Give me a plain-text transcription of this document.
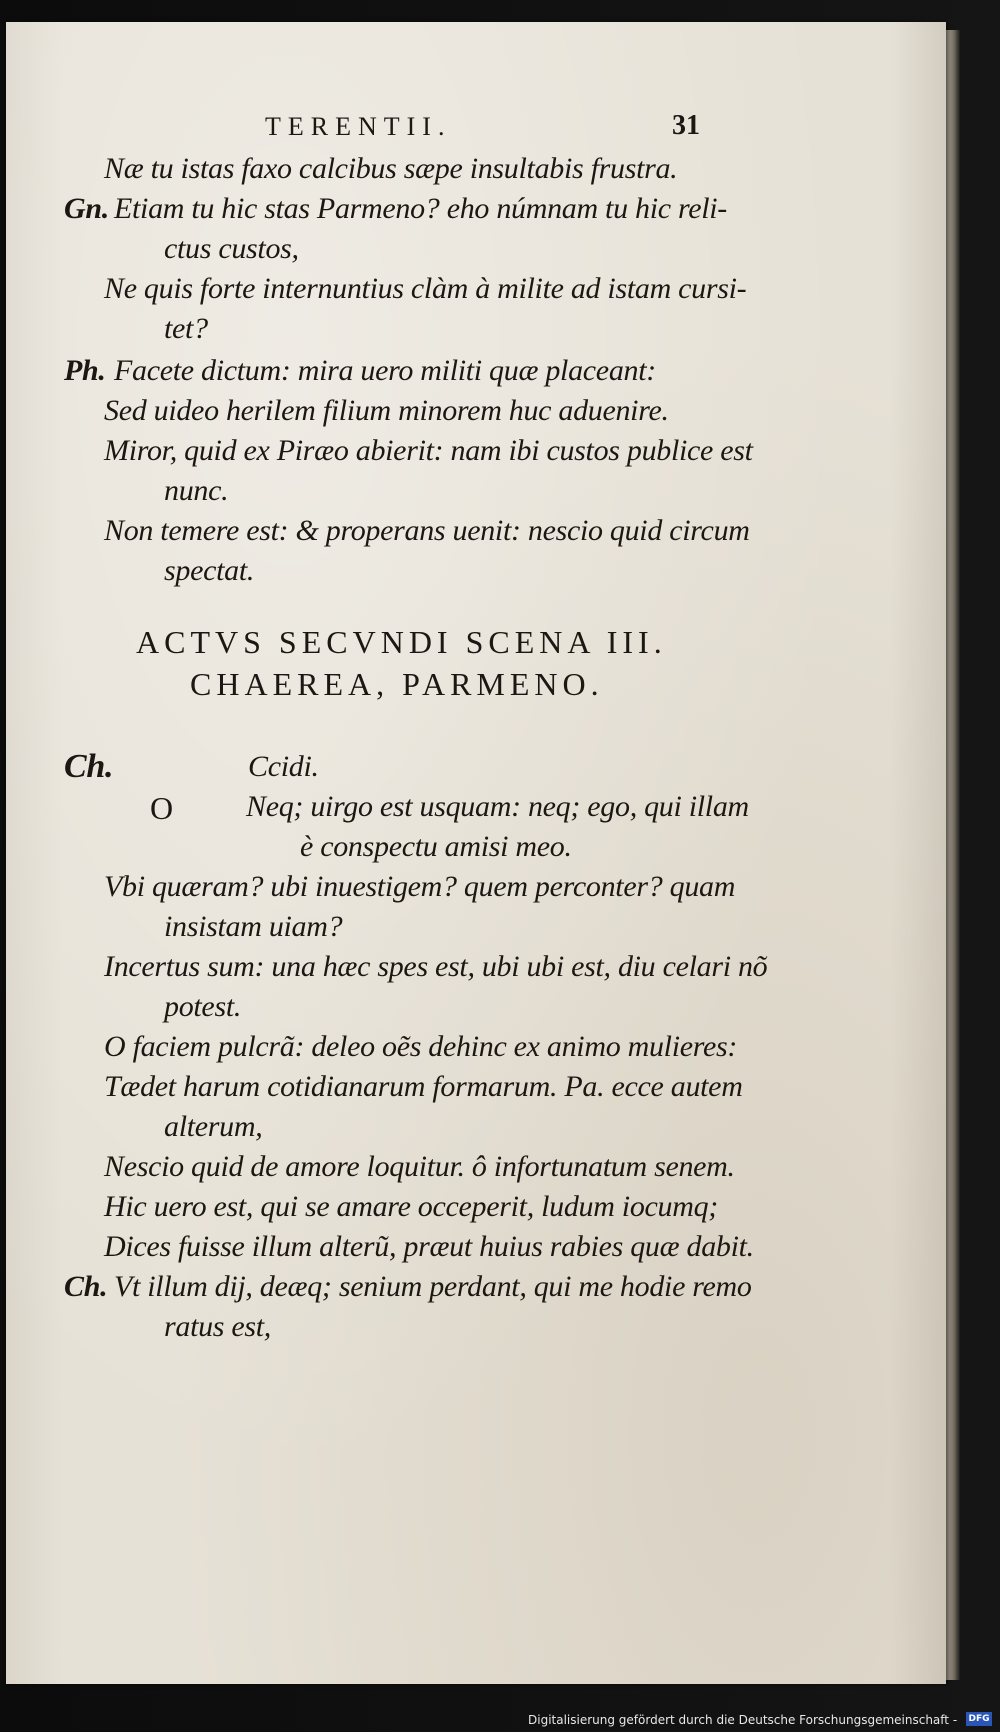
TERENTII.	31
Næ tu istas faxo calcibus sæpe insultabis frustra.
Gn. Etiam tu hic stas Parmeno? eho númnam tu hic reli-
ctus custos,
Ne quis forte internuntius clàm à milite ad istam cursi-
tet?
Ph. Facete dictum: mira uero militi quæ placeant:
Sed uideo herilem filium minorem huc aduenire.
Miror, quid ex Piræo abierit: nam ibi custos publice est
nunc.
Non temere est: & properans uenit: nescio quid circum
spectat.
ACTVS SECVNDI SCENA III.
CHAEREA, PARMENO.
Ch.	Ccidi.
O Neq; uirgo est usquam: neq; ego, qui illam
è conspectu amisi meo.
Vbi quæram? ubi inuestigem? quem perconter? quam
insistam uiam?
Incertus sum: una hæc spes est, ubi ubi est, diu celari nõ
potest.
O faciem pulcrã: deleo oẽs dehinc ex animo mulieres:
Tædet harum cotidianarum formarum. Pa. ecce autem
alterum,
Nescio quid de amore loquitur. ô infortunatum senem.
Hic uero est, qui se amare occeperit, ludum iocumq;
Dices fuisse illum alterũ, præut huius rabies quæ dabit.
Ch. Vt illum dij, deæq; senium perdant, qui me hodie remo
ratus est,
Digitalisierung gefördert durch die Deutsche Forschungsgemeinschaft - DFG
